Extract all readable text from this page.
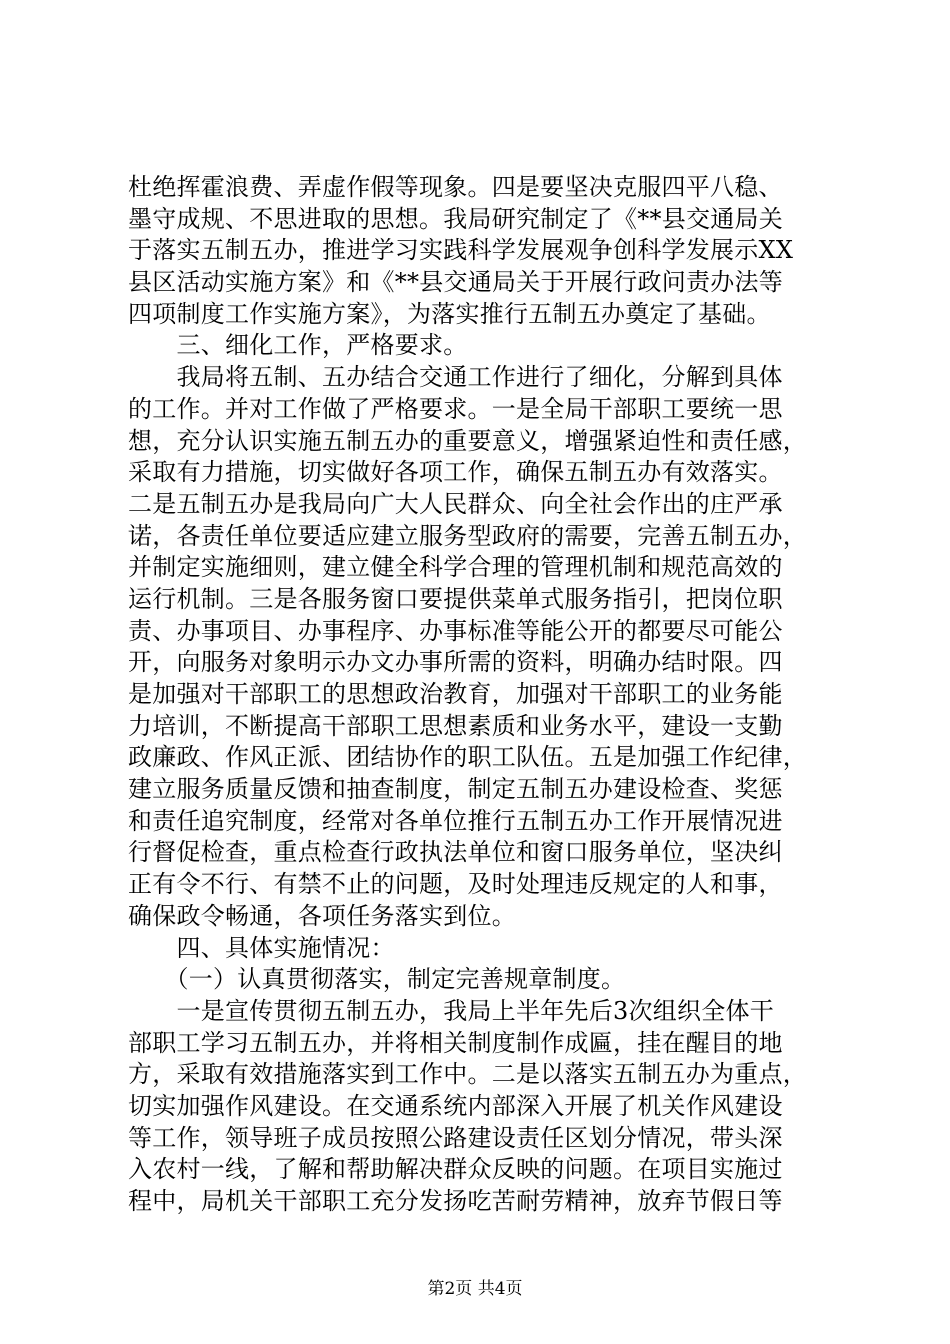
杜绝挥霍浪费、弄虚作假等现象。四是要坚决克服四平八稳、
墨守成规、不思进取的思想。我局研究制定了《**县交通局关
于落实五制五办，推进学习实践科学发展观争创科学发展示XX
县区活动实施方案》和《**县交通局关于开展行政问责办法等
四项制度工作实施方案》，为落实推行五制五办奠定了基础。
　　三、细化工作，严格要求。
　　我局将五制、五办结合交通工作进行了细化，分解到具体
的工作。并对工作做了严格要求。一是全局干部职工要统一思
想，充分认识实施五制五办的重要意义，增强紧迫性和责任感，
采取有力措施，切实做好各项工作，确保五制五办有效落实。
二是五制五办是我局向广大人民群众、向全社会作出的庄严承
诺，各责任单位要适应建立服务型政府的需要，完善五制五办，
并制定实施细则，建立健全科学合理的管理机制和规范高效的
运行机制。三是各服务窗口要提供菜单式服务指引，把岗位职
责、办事项目、办事程序、办事标准等能公开的都要尽可能公
开，向服务对象明示办文办事所需的资料，明确办结时限。四
是加强对干部职工的思想政治教育，加强对干部职工的业务能
力培训，不断提高干部职工思想素质和业务水平，建设一支勤
政廉政、作风正派、团结协作的职工队伍。五是加强工作纪律，
建立服务质量反馈和抽查制度，制定五制五办建设检查、奖惩
和责任追究制度，经常对各单位推行五制五办工作开展情况进
行督促检查，重点检查行政执法单位和窗口服务单位，坚决纠
正有令不行、有禁不止的问题，及时处理违反规定的人和事，
确保政令畅通，各项任务落实到位。
　　四、具体实施情况：
　　（一）认真贯彻落实，制定完善规章制度。
　　一是宣传贯彻五制五办，我局上半年先后3次组织全体干
部职工学习五制五办，并将相关制度制作成匾，挂在醒目的地
方，采取有效措施落实到工作中。二是以落实五制五办为重点，
切实加强作风建设。在交通系统内部深入开展了机关作风建设
等工作，领导班子成员按照公路建设责任区划分情况，带头深
入农村一线，了解和帮助解决群众反映的问题。在项目实施过
程中，局机关干部职工充分发扬吃苦耐劳精神，放弃节假日等
第2页 共4页
